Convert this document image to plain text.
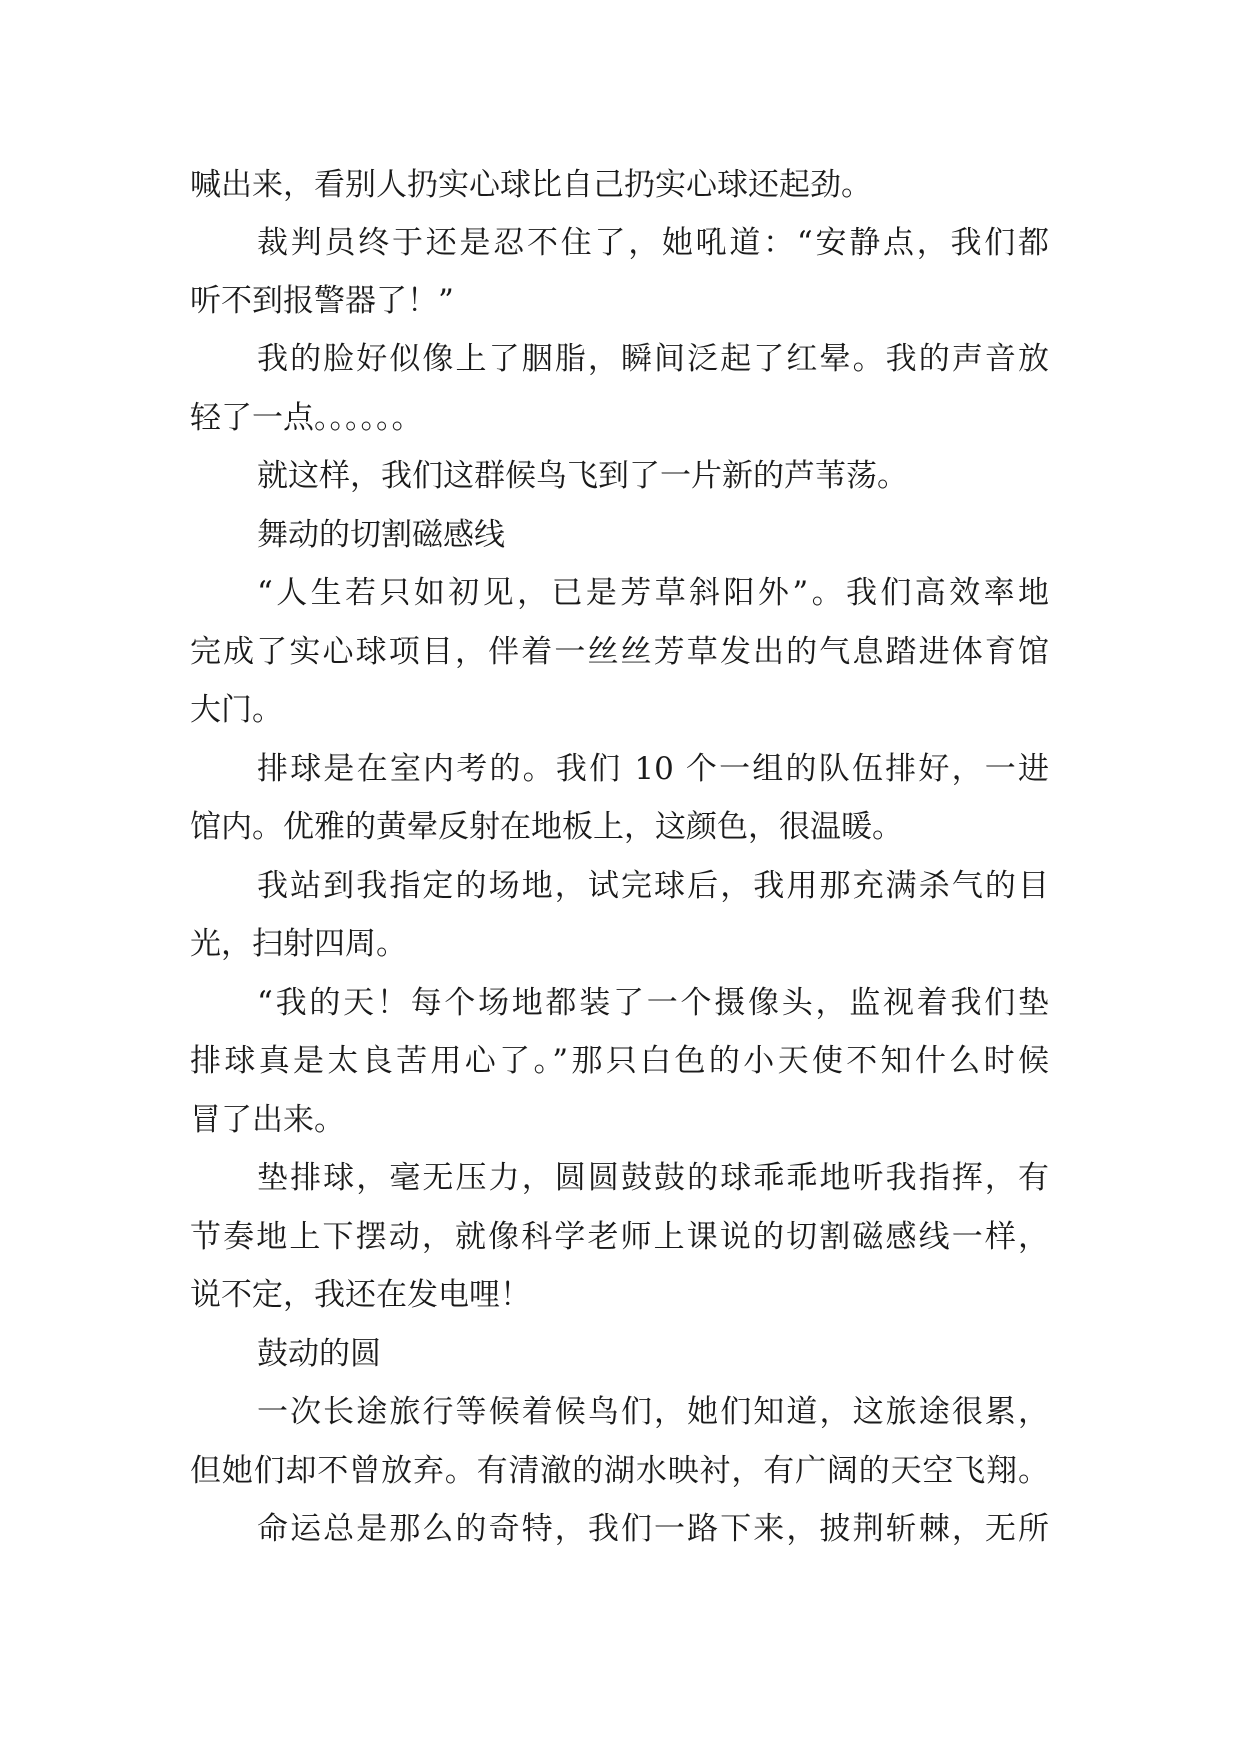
喊出来，看别人扔实心球比自己扔实心球还起劲。
裁判员终于还是忍不住了，她吼道：“安静点，我们都
听不到报警器了！”
我的脸好似像上了胭脂，瞬间泛起了红晕。我的声音放
轻了一点。。。。。。
就这样，我们这群候鸟飞到了一片新的芦苇荡。
舞动的切割磁感线
“人生若只如初见，已是芳草斜阳外”。我们高效率地
完成了实心球项目，伴着一丝丝芳草发出的气息踏进体育馆
大门。
排球是在室内考的。我们 10 个一组的队伍排好，一进
馆内。优雅的黄晕反射在地板上，这颜色，很温暖。
我站到我指定的场地，试完球后，我用那充满杀气的目
光，扫射四周。
“我的天！每个场地都装了一个摄像头，监视着我们垫
排球真是太良苦用心了。”那只白色的小天使不知什么时候
冒了出来。
垫排球，毫无压力，圆圆鼓鼓的球乖乖地听我指挥，有
节奏地上下摆动，就像科学老师上课说的切割磁感线一样，
说不定，我还在发电哩！
鼓动的圆
一次长途旅行等候着候鸟们，她们知道，这旅途很累，
但她们却不曾放弃。有清澈的湖水映衬，有广阔的天空飞翔。
命运总是那么的奇特，我们一路下来，披荆斩棘，无所
